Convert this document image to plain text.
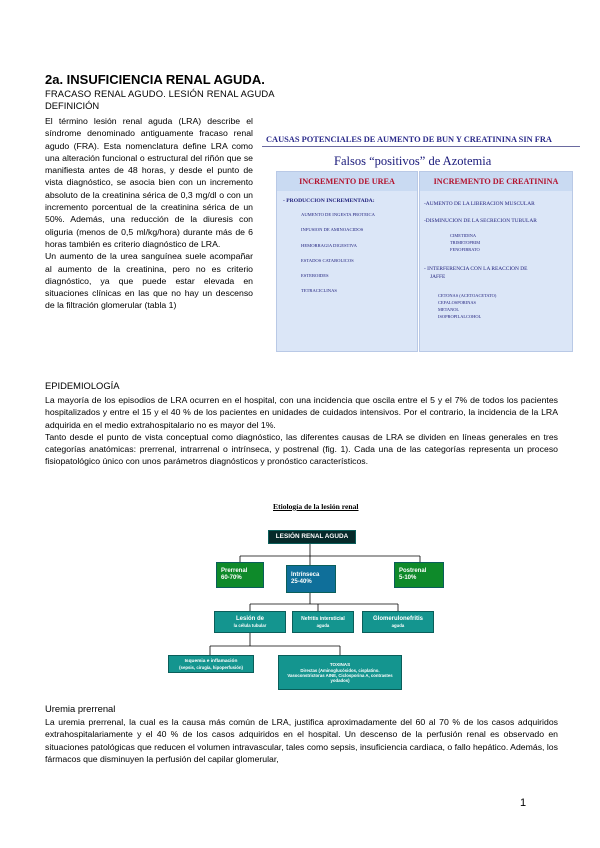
2a. INSUFICIENCIA RENAL AGUDA.
FRACASO RENAL AGUDO. LESIÓN RENAL AGUDA
DEFINICIÓN

El término lesión renal aguda (LRA) describe el síndrome denominado antiguamente fracaso renal agudo (FRA). Esta nomenclatura define LRA como una alteración funcional o estructural del riñón que se manifiesta antes de 48 horas, y desde el punto de vista diagnóstico, se asocia bien con un incremento absoluto de la creatinina sérica de 0,3 mg/dl o con un incremento porcentual de la creatinina sérica de un 50%. Además, una reducción de la diuresis con oliguria (menos de 0,5 ml/kg/hora) durante más de 6 horas también es criterio diagnóstico de LRA.

Un aumento de la urea sanguínea suele acompañar al aumento de la creatinina, pero no es criterio diagnóstico, ya que puede estar elevada en situaciones clínicas en las que no hay un descenso de la filtración glomerular (tabla 1)

CAUSAS POTENCIALES DE AUMENTO DE BUN Y CREATININA SIN FRA
Falsos “positivos” de Azotemia
INCREMENTO DE UREA
- PRODUCCION INCREMENTADA:
AUMENTO DE INGESTA PROTEICA
INFUSION DE AMINOACIDOS
HEMORRAGIA DIGESTIVA
ESTADOS CATABOLICOS
ESTEROIDES
TETRACICLINAS
INCREMENTO DE CREATININA
-AUMENTO DE LA LIBERACION MUSCULAR
-DISMINUCION DE LA SECRECION TUBULAR
CIMETIDINA
TRIMETOPRIM
FENOFIBRATO
- INTERFERENCIA CON LA REACCION DE
JAFFE
CETONAS (ACETOACETATO)
CEFALOSPORINAS
METANOL
ISOPROPILALCOHOL
EPIDEMIOLOGÍA

La mayoría de los episodios de LRA ocurren en el hospital, con una incidencia que oscila entre el 5 y el 7% de todos los pacientes hospitalizados y entre el 15 y el 40 % de los pacientes en unidades de cuidados intensivos. Por el contrario, la incidencia de la LRA adquirida en el medio extrahospitalario no es mayor del 1%.

Tanto desde el punto de vista conceptual como diagnóstico, las diferentes causas de LRA se dividen en líneas generales en tres categorías anatómicas: prerrenal, intrarrenal o intrínseca, y postrenal (fig. 1). Cada una de las categorías representa un proceso fisiopatológico único con unos parámetros diagnósticos y pronóstico característicos.

Etiología de la lesión renal
LESIÓN RENAL AGUDA
Prerrenal
60-70%
Intrínseca
25-40%
Postrenal
5-10%
Lesión de
la célula tubular
Nefritis intersticial
aguda
Glomerulonefritis
aguda
Isquemia e inflamación
(sepsis, cirugía, hipoperfusión)	TOXINAS
Directas (Aminoglucósidos, cisplatino. Vasoconstrictoras AINE, Ciclosporina A, contrastes yodados)
Uremia prerrenal

La uremia prerrenal, la cual es la causa más común de LRA, justifica aproximadamente del 60 al 70 % de los casos adquiridos extrahospitalariamente y el 40 % de los casos adquiridos en el hospital. Un descenso de la perfusión renal es observado en situaciones patológicas que reducen el volumen intravascular, tales como sepsis, insuficiencia cardiaca, o fallo hepático. Además, los fármacos que disminuyen la perfusión del capilar glomerular,

1
